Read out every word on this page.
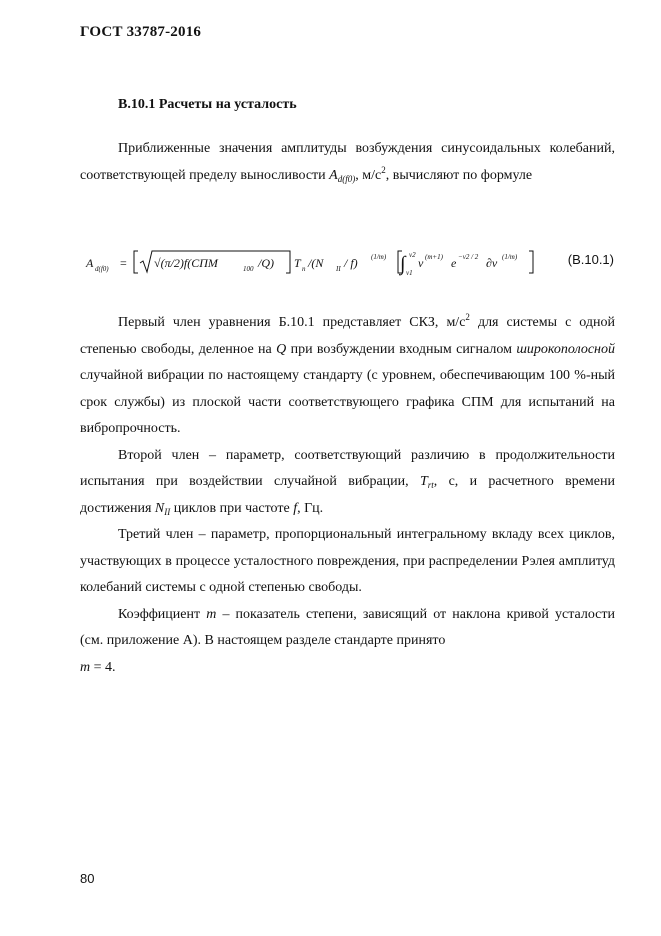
ГОСТ 33787-2016
B.10.1 Расчеты на усталость
Приближенные значения амплитуды возбуждения синусоидальных колебаний, соответствующей пределу выносливости $A_{d(f0)}$, $м/с^2$, вычисляют по формуле
A d(f0) = √(π/2)f(СПМ	100 /Q) T n /(N II / f) (1/m) ∫ ν2
ν1
ν (m+1) e −ν2 / 2 ∂ν (1/m)	(B.10.1)
Первый член уравнения Б.10.1 представляет СКЗ, $м/с^2$ для системы с одной степенью свободы, деленное на Q при возбуждении входным сигналом широкополосной случайной вибрации по настоящему стандарту (с уровнем, обеспечивающим 100 %-ный срок службы) из плоской части соответствующего графика СПМ для испытаний на вибропрочность.
Второй член – параметр, соответствующий различию в продолжительности испытания при воздействии случайной вибрации, $T_{rt}$, с, и расчетного времени достижения $N_{II}$ циклов при частоте f, Гц.
Третий член – параметр, пропорциональный интегральному вкладу всех циклов, участвующих в процессе усталостного повреждения, при распределении Рэлея амплитуд колебаний системы с одной степенью свободы.
Коэффициент m – показатель степени, зависящий от наклона кривой усталости (см. приложение А). В настоящем разделе стандарте принято
m = 4.
80
